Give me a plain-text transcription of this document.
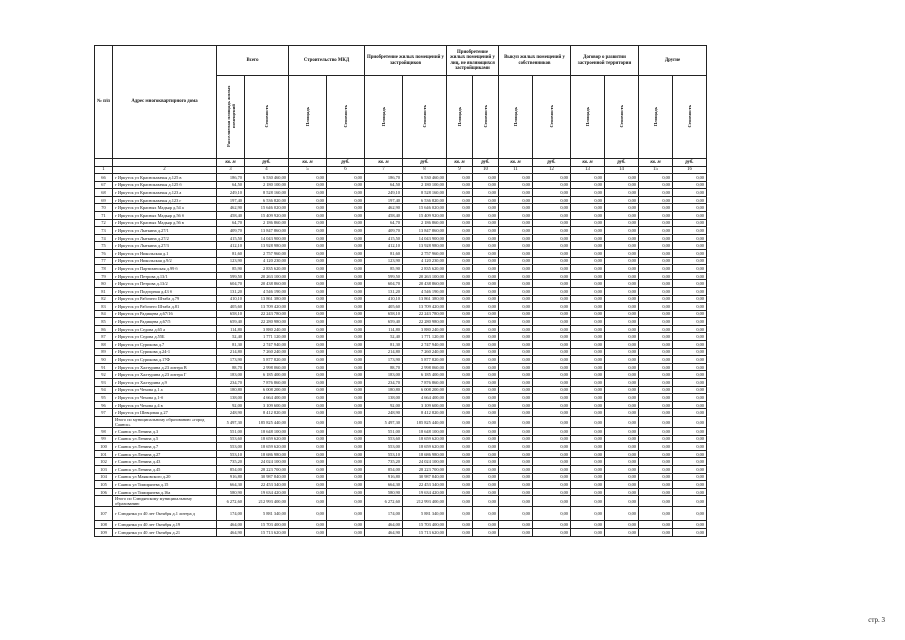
№ п/п	Адрес многоквартирного дома	Всего		Строительство МКД		Приобретение жилых помещений у застройщиков		Приобретение жилых помещений у лиц, не являющихся застройщиками		Выкуп жилых помещений у собственников		Договор о развитии застроенной территории		Другие	
		Расселяемая площадь жилых помещений	Стоимость	Площадь	Стоимость	Площадь	Стоимость	Площадь	Стоимость	Площадь	Стоимость	Площадь	Стоимость	Площадь	Стоимость
		кв. м	руб.	кв. м	руб.	кв. м	руб.	кв. м	руб.	кв. м	руб.	кв. м	руб.	кв. м	руб.
1	2	3	4	5	6	7	8	9	10	11	12	13	14	15	16
66	г Иркутск ул Красноказачья д.125 в	186,70	6 530 460,00	0,00	0,00	186,70	6 530 460,00	0,00	0,00	0,00	0,00	0,00	0,00	0,00	0,00
67	г Иркутск ул Красноказачья д.125 б	64,50	2 180 100,00	0,00	0,00	64,50	2 180 100,00	0,00	0,00	0,00	0,00	0,00	0,00	0,00	0,00
68	г Иркутск ул Красноказачья д.123 а	249,10	8 528 160,00	0,00	0,00	249,10	8 528 160,00	0,00	0,00	0,00	0,00	0,00	0,00	0,00	0,00
69	г Иркутск ул Красноказачья д.123 г	197,40	6 536 820,00	0,00	0,00	197,40	6 536 820,00	0,00	0,00	0,00	0,00	0,00	0,00	0,00	0,00
70	г Иркутск ул Красных Мадьяр д.54 а	462,90	15 646 020,00	0,00	0,00	462,90	15 646 020,00	0,00	0,00	0,00	0,00	0,00	0,00	0,00	0,00
71	г Иркутск ул Красных Мадьяр д.56 б	458,40	15 409 920,00	0,00	0,00	458,40	15 409 920,00	0,00	0,00	0,00	0,00	0,00	0,00	0,00	0,00
72	г Иркутск ул Красных Мадьяр д.56 в	64,70	2 186 860,00	0,00	0,00	64,70	2 186 860,00	0,00	0,00	0,00	0,00	0,00	0,00	0,00	0,00
73	г Иркутск ул Лыткина д.27/1	409,70	13 847 860,00	0,00	0,00	409,70	13 847 860,00	0,00	0,00	0,00	0,00	0,00	0,00	0,00	0,00
74	г Иркутск ул Лыткина д.27/2	415,50	14 043 900,00	0,00	0,00	415,50	14 043 900,00	0,00	0,00	0,00	0,00	0,00	0,00	0,00	0,00
75	г Иркутск ул Лыткина д.27/3	412,10	13 928 980,00	0,00	0,00	412,10	13 928 980,00	0,00	0,00	0,00	0,00	0,00	0,00	0,00	0,00
76	г Иркутск ул Никольская д.1	81,60	2 757 960,00	0,00	0,00	81,60	2 757 960,00	0,00	0,00	0,00	0,00	0,00	0,00	0,00	0,00
77	г Иркутск ул Никольская д.9/2	123,90	4 120 230,00	0,00	0,00	123,90	4 120 230,00	0,00	0,00	0,00	0,00	0,00	0,00	0,00	0,00
78	г Иркутск ул Партизанская д.99 б	85,90	2 835 620,00	0,00	0,00	85,90	2 835 620,00	0,00	0,00	0,00	0,00	0,00	0,00	0,00	0,00
79	г Иркутск ул Петрова д.13/1	599,50	20 263 100,00	0,00	0,00	599,50	20 263 100,00	0,00	0,00	0,00	0,00	0,00	0,00	0,00	0,00
80	г Иркутск ул Петрова д.13/2	604,70	20 438 860,00	0,00	0,00	604,70	20 438 860,00	0,00	0,00	0,00	0,00	0,00	0,00	0,00	0,00
81	г Иркутск ул Подгорная д.43 б	131,20	4 546 190,00	0,00	0,00	131,20	4 546 190,00	0,00	0,00	0,00	0,00	0,00	0,00	0,00	0,00
82	г Иркутск ул Рабочего Штаба д.79	410,10	13 861 380,00	0,00	0,00	410,10	13 861 380,00	0,00	0,00	0,00	0,00	0,00	0,00	0,00	0,00
83	г Иркутск ул Рабочего Штаба д.81	405,60	13 709 420,00	0,00	0,00	405,60	13 709 420,00	0,00	0,00	0,00	0,00	0,00	0,00	0,00	0,00
84	г Иркутск ул Радищева д.67/16	658,10	22 243 780,00	0,00	0,00	658,10	22 243 780,00	0,00	0,00	0,00	0,00	0,00	0,00	0,00	0,00
85	г Иркутск ул Радищева д.67/5	659,40	22 280 980,00	0,00	0,00	659,40	22 280 980,00	0,00	0,00	0,00	0,00	0,00	0,00	0,00	0,00
86	г Иркутск ул Седова д.65 а	114,80	3 880 240,00	0,00	0,00	114,80	3 880 240,00	0,00	0,00	0,00	0,00	0,00	0,00	0,00	0,00
87	г Иркутск ул Седова д.55Б	52,40	1 771 120,00	0,00	0,00	52,40	1 771 120,00	0,00	0,00	0,00	0,00	0,00	0,00	0,00	0,00
88	г Иркутск ул Сурикова д.7	81,30	2 747 940,00	0,00	0,00	81,30	2 747 940,00	0,00	0,00	0,00	0,00	0,00	0,00	0,00	0,00
89	г Иркутск ул Сурикова д.24-1	214,80	7 260 240,00	0,00	0,00	214,80	7 260 240,00	0,00	0,00	0,00	0,00	0,00	0,00	0,00	0,00
90	г Иркутск ул Сурикова д.17Ф	173,90	5 877 820,00	0,00	0,00	173,90	5 877 820,00	0,00	0,00	0,00	0,00	0,00	0,00	0,00	0,00
91	г Иркутск ул Халтурина д.23 литера В	88,70	2 998 060,00	0,00	0,00	88,70	2 998 060,00	0,00	0,00	0,00	0,00	0,00	0,00	0,00	0,00
92	г Иркутск ул Халтурина д.23 литера Г	183,00	6 185 400,00	0,00	0,00	183,00	6 185 400,00	0,00	0,00	0,00	0,00	0,00	0,00	0,00	0,00
93	г Иркутск ул Халтурина д.9	234,70	7 876 860,00	0,00	0,00	234,70	7 876 860,00	0,00	0,00	0,00	0,00	0,00	0,00	0,00	0,00
94	г Иркутск ул Чехова д.1 а	180,80	6 008 200,00	0,00	0,00	180,80	6 008 200,00	0,00	0,00	0,00	0,00	0,00	0,00	0,00	0,00
95	г Иркутск ул Чехова д.1-б	138,00	4 664 400,00	0,00	0,00	138,00	4 664 400,00	0,00	0,00	0,00	0,00	0,00	0,00	0,00	0,00
96	г Иркутск ул Чехова д.4 в	92,00	3 109 600,00	0,00	0,00	92,00	3 109 600,00	0,00	0,00	0,00	0,00	0,00	0,00	0,00	0,00
97	г Иркутск ул Шевцовая д.27	248,90	8 412 820,00	0,00	0,00	248,90	8 412 820,00	0,00	0,00	0,00	0,00	0,00	0,00	0,00	0,00
	Итого по муниципальному образованию «город Саянск»	5 497,30	185 825 440,00	0,00	0,00	5 497,30	185 825 440,00	0,00	0,00	0,00	0,00	0,00	0,00	0,00	0,00
98	г Саянск ул Ленина д.3	551,00	18 648 100,00	0,00	0,00	551,00	18 648 100,00	0,00	0,00	0,00	0,00	0,00	0,00	0,00	0,00
99	г Саянск ул Ленина д.5	553,60	18 659 620,00	0,00	0,00	553,60	18 659 620,00	0,00	0,00	0,00	0,00	0,00	0,00	0,00	0,00
100	г Саянск ул Ленина д.7	553,00	18 659 620,00	0,00	0,00	553,00	18 659 620,00	0,00	0,00	0,00	0,00	0,00	0,00	0,00	0,00
101	г Саянск ул Ленина д.27	553,10	18 686 980,00	0,00	0,00	553,10	18 686 980,00	0,00	0,00	0,00	0,00	0,00	0,00	0,00	0,00
102	г Саянск ул Ленина д.43	735,20	24 024 100,00	0,00	0,00	735,20	24 024 100,00	0,00	0,00	0,00	0,00	0,00	0,00	0,00	0,00
103	г Саянск ул Ленина д.45	854,00	28 223 700,00	0,00	0,00	854,00	28 223 700,00	0,00	0,00	0,00	0,00	0,00	0,00	0,00	0,00
104	г Саянск ул Маяковского д.20	916,80	30 987 840,00	0,00	0,00	916,80	30 987 840,00	0,00	0,00	0,00	0,00	0,00	0,00	0,00	0,00
105	г Саянск ул Тимирязева д.15	664,30	22 453 340,00	0,00	0,00	664,30	22 453 340,00	0,00	0,00	0,00	0,00	0,00	0,00	0,00	0,00
106	г Саянск ул Тимирязева д.16а	580,90	19 634 420,00	0,00	0,00	580,90	19 634 420,00	0,00	0,00	0,00	0,00	0,00	0,00	0,00	0,00
	Итого по Слюдянскому муниципальному образованию	6 272,60	212 993 400,00	0,00	0,00	6 272,60	212 993 400,00	0,00	0,00	0,00	0,00	0,00	0,00	0,00	0,00
107	г Слюдянка ул 40 лет Октября д.1 литера д	174,00	5 881 340,00	0,00	0,00	174,00	5 881 340,00	0,00	0,00	0,00	0,00	0,00	0,00	0,00	0,00
108	г Слюдянка ул 40 лет Октября д.19	464,00	15 703 400,00	0,00	0,00	464,00	15 703 400,00	0,00	0,00	0,00	0,00	0,00	0,00	0,00	0,00
109	г Слюдянка ул 40 лет Октября д.21	464,90	15 713 620,00	0,00	0,00	464,90	15 713 620,00	0,00	0,00	0,00	0,00	0,00	0,00	0,00	0,00
стр. 3
